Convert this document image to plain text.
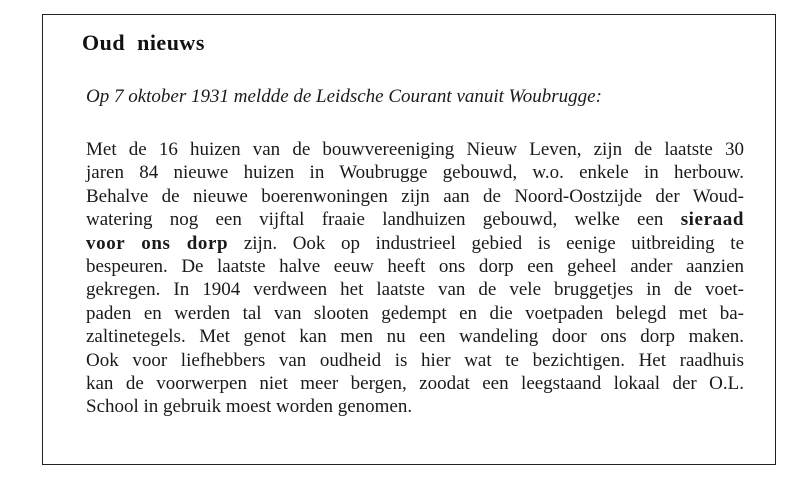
Oud nieuws

Op 7 oktober 1931 meldde de Leidsche Courant vanuit Woubrugge:

Met de 16 huizen van de bouwvereeniging Nieuw Leven, zijn de laatste 30
jaren 84 nieuwe huizen in Woubrugge gebouwd, w.o. enkele in herbouw.
Behalve de nieuwe boerenwoningen zijn aan de Noord-Oostzijde der Woud-
watering nog een vijftal fraaie landhuizen gebouwd, welke een sieraad
voor ons dorp zijn. Ook op industrieel gebied is eenige uitbreiding te
bespeuren. De laatste halve eeuw heeft ons dorp een geheel ander aanzien
gekregen. In 1904 verdween het laatste van de vele bruggetjes in de voet-
paden en werden tal van slooten gedempt en die voetpaden belegd met ba-
zaltinetegels. Met genot kan men nu een wandeling door ons dorp maken.
Ook voor liefhebbers van oudheid is hier wat te bezichtigen. Het raadhuis
kan de voorwerpen niet meer bergen, zoodat een leegstaand lokaal der O.L.
School in gebruik moest worden genomen.
